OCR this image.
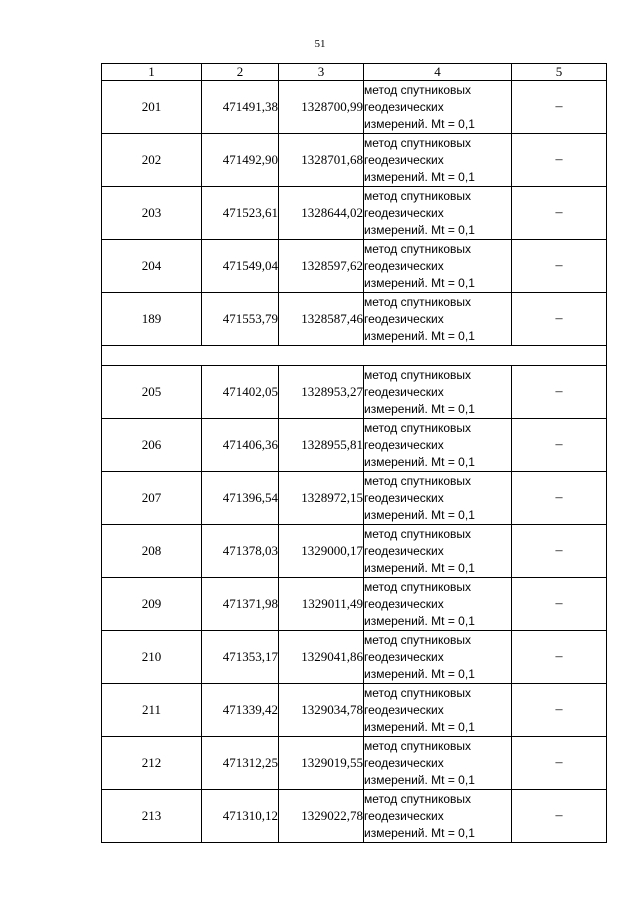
51
1	2	3	4	5
201	471491,38	1328700,99	метод спутниковых
геодезических
измерений. Mt = 0,1	–
202	471492,90	1328701,68	метод спутниковых
геодезических
измерений. Mt = 0,1	–
203	471523,61	1328644,02	метод спутниковых
геодезических
измерений. Mt = 0,1	–
204	471549,04	1328597,62	метод спутниковых
геодезических
измерений. Mt = 0,1	–
189	471553,79	1328587,46	метод спутниковых
геодезических
измерений. Mt = 0,1	–

205	471402,05	1328953,27	метод спутниковых
геодезических
измерений. Mt = 0,1	–
206	471406,36	1328955,81	метод спутниковых
геодезических
измерений. Mt = 0,1	–
207	471396,54	1328972,15	метод спутниковых
геодезических
измерений. Mt = 0,1	–
208	471378,03	1329000,17	метод спутниковых
геодезических
измерений. Mt = 0,1	–
209	471371,98	1329011,49	метод спутниковых
геодезических
измерений. Mt = 0,1	–
210	471353,17	1329041,86	метод спутниковых
геодезических
измерений. Mt = 0,1	–
211	471339,42	1329034,78	метод спутниковых
геодезических
измерений. Mt = 0,1	–
212	471312,25	1329019,55	метод спутниковых
геодезических
измерений. Mt = 0,1	–
213	471310,12	1329022,78	метод спутниковых
геодезических
измерений. Mt = 0,1	–
